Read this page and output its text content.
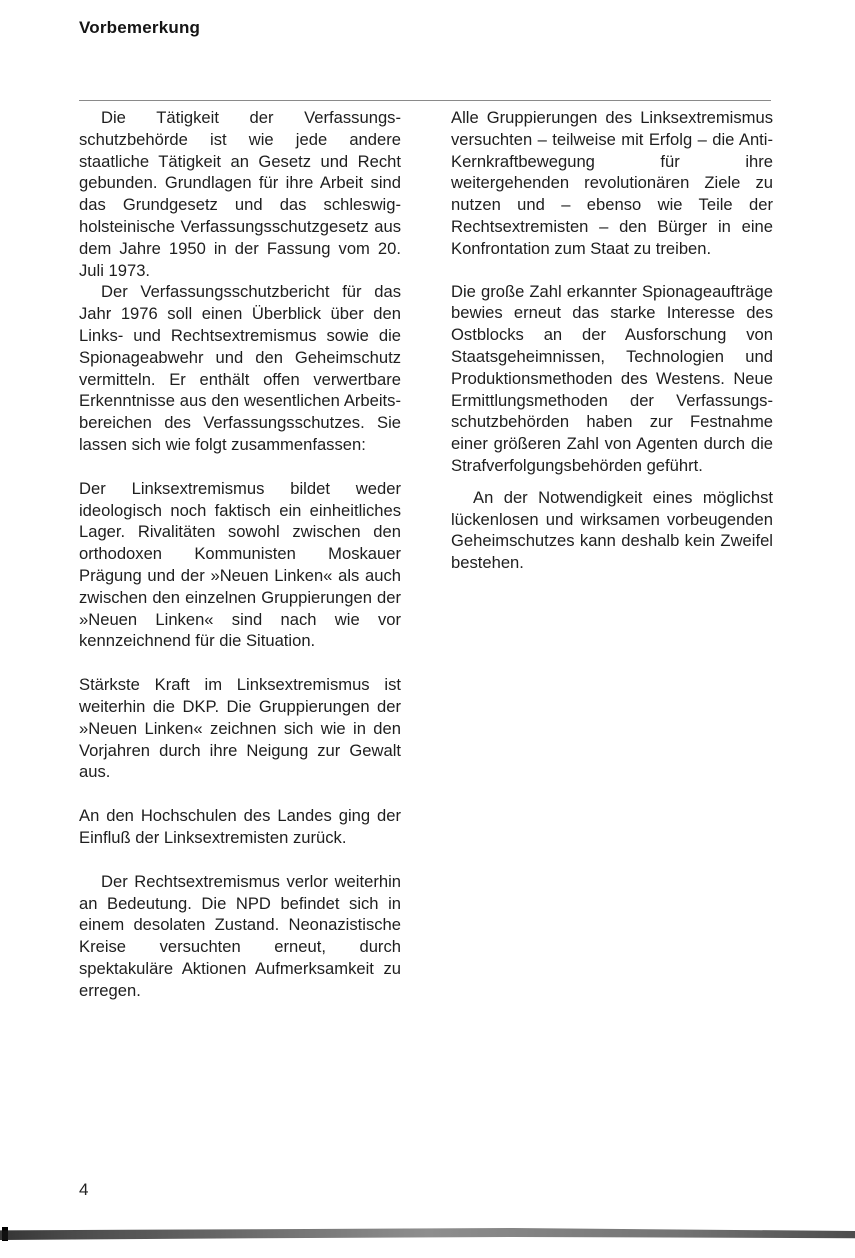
Vorbemerkung

Die Tätigkeit der Verfassungsschutzbehörde ist wie jede andere staatliche Tätigkeit an Gesetz und Recht gebunden. Grundlagen für ihre Arbeit sind das Grundgesetz und das schleswig-holsteinische Verfassungsschutzgesetz aus dem Jahre 1950 in der Fassung vom 20. Juli 1973.

Der Verfassungsschutzbericht für das Jahr 1976 soll einen Überblick über den Links- und Rechtsextremismus sowie die Spionageabwehr und den Geheimschutz vermitteln. Er enthält offen verwertbare Erkenntnisse aus den wesentlichen Arbeitsbereichen des Verfassungsschutzes. Sie lassen sich wie folgt zusammenfassen:

Der Linksextremismus bildet weder ideologisch noch faktisch ein einheitliches Lager. Rivalitäten sowohl zwischen den orthodoxen Kommunisten Moskauer Prägung und der »Neuen Linken« als auch zwischen den einzelnen Gruppierungen der »Neuen Linken« sind nach wie vor kennzeichnend für die Situation.

Stärkste Kraft im Linksextremismus ist weiterhin die DKP. Die Gruppierungen der »Neuen Linken« zeichnen sich wie in den Vorjahren durch ihre Neigung zur Gewalt aus.

An den Hochschulen des Landes ging der Einfluß der Linksextremisten zurück.

Der Rechtsextremismus verlor weiterhin an Bedeutung. Die NPD befindet sich in einem desolaten Zustand. Neonazistische Kreise versuchten erneut, durch spektakuläre Aktionen Aufmerksamkeit zu erregen.

Alle Gruppierungen des Linksextremismus versuchten – teilweise mit Erfolg – die Anti-Kernkraftbewegung für ihre weitergehenden revolutionären Ziele zu nutzen und – ebenso wie Teile der Rechtsextremisten – den Bürger in eine Konfrontation zum Staat zu treiben.

Die große Zahl erkannter Spionageaufträge bewies erneut das starke Interesse des Ostblocks an der Ausforschung von Staatsgeheimnissen, Technologien und Produktionsmethoden des Westens. Neue Ermittlungsmethoden der Verfassungsschutzbehörden haben zur Festnahme einer größeren Zahl von Agenten durch die Strafverfolgungsbehörden geführt.

An der Notwendigkeit eines möglichst lückenlosen und wirksamen vorbeugenden Geheimschutzes kann deshalb kein Zweifel bestehen.

4
